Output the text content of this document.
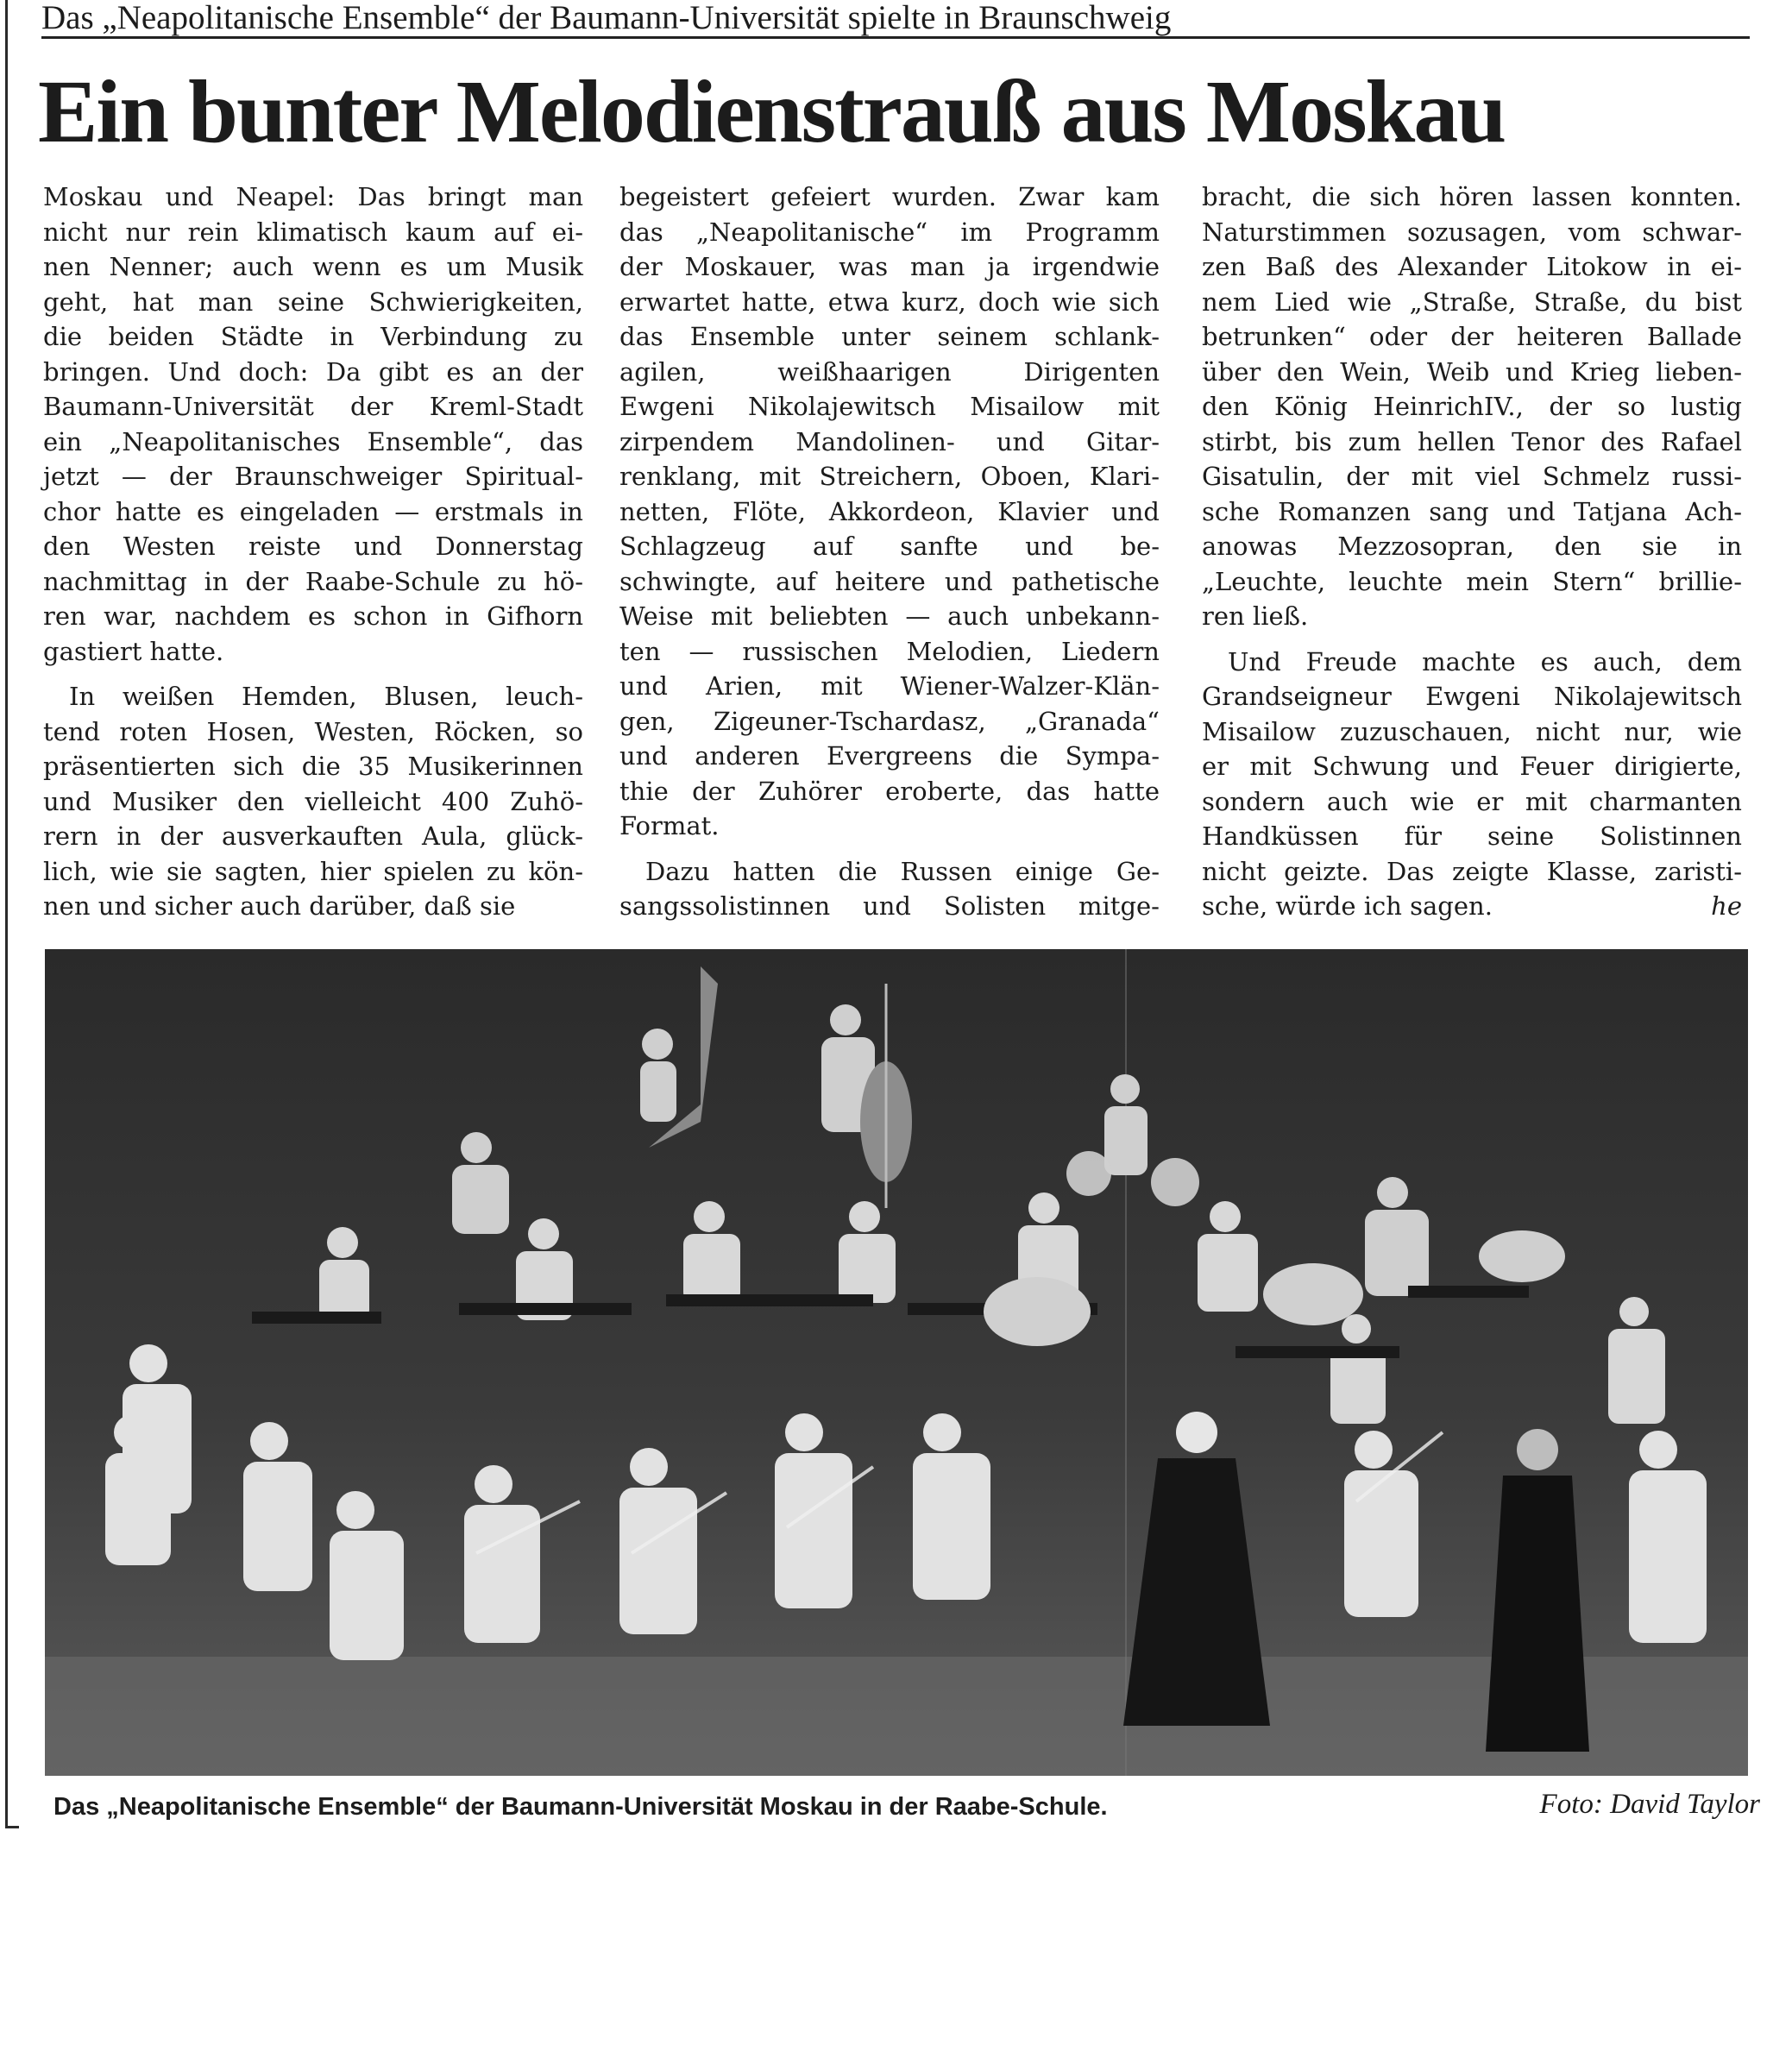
Das „Neapolitanische Ensemble“ der Baumann-Universität spielte in Braunschweig
Ein bunter Melodienstrauß aus Moskau
Moskau und Neapel: Das bringt man
nicht nur rein klimatisch kaum auf ei-
nen Nenner; auch wenn es um Musik
geht, hat man seine Schwierigkeiten,
die beiden Städte in Verbindung zu
bringen. Und doch: Da gibt es an der
Baumann-Universität der Kreml-Stadt
ein „Neapolitanisches Ensemble“, das
jetzt — der Braunschweiger Spiritual-
chor hatte es eingeladen — erstmals in
den Westen reiste und Donnerstag
nachmittag in der Raabe-Schule zu hö-
ren war, nachdem es schon in Gifhorn
gastiert hatte.
In weißen Hemden, Blusen, leuch-
tend roten Hosen, Westen, Röcken, so
präsentierten sich die 35 Musikerinnen
und Musiker den vielleicht 400 Zuhö-
rern in der ausverkauften Aula, glück-
lich, wie sie sagten, hier spielen zu kön-
nen und sicher auch darüber, daß sie
begeistert gefeiert wurden. Zwar kam
das „Neapolitanische“ im Programm
der Moskauer, was man ja irgendwie
erwartet hatte, etwa kurz, doch wie sich
das Ensemble unter seinem schlank-
agilen, weißhaarigen Dirigenten
Ewgeni Nikolajewitsch Misailow mit
zirpendem Mandolinen- und Gitar-
renklang, mit Streichern, Oboen, Klari-
netten, Flöte, Akkordeon, Klavier und
Schlagzeug auf sanfte und be-
schwingte, auf heitere und pathetische
Weise mit beliebten — auch unbekann-
ten — russischen Melodien, Liedern
und Arien, mit Wiener-Walzer-Klän-
gen, Zigeuner-Tschardasz, „Granada“
und anderen Evergreens die Sympa-
thie der Zuhörer eroberte, das hatte
Format.
Dazu hatten die Russen einige Ge-
sangssolistinnen und Solisten mitge-
bracht, die sich hören lassen konnten.
Naturstimmen sozusagen, vom schwar-
zen Baß des Alexander Litokow in ei-
nem Lied wie „Straße, Straße, du bist
betrunken“ oder der heiteren Ballade
über den Wein, Weib und Krieg lieben-
den König HeinrichIV., der so lustig
stirbt, bis zum hellen Tenor des Rafael
Gisatulin, der mit viel Schmelz russi-
sche Romanzen sang und Tatjana Ach-
anowas Mezzosopran, den sie in
„Leuchte, leuchte mein Stern“ brillie-
ren ließ.
Und Freude machte es auch, dem
Grandseigneur Ewgeni Nikolajewitsch
Misailow zuzuschauen, nicht nur, wie
er mit Schwung und Feuer dirigierte,
sondern auch wie er mit charmanten
Handküssen für seine Solistinnen
nicht geizte. Das zeigte Klasse, zaristi-
sche, würde ich sagen.	he
Das „Neapolitanische Ensemble“ der Baumann-Universität Moskau in der Raabe-Schule.	Foto: David Taylor
